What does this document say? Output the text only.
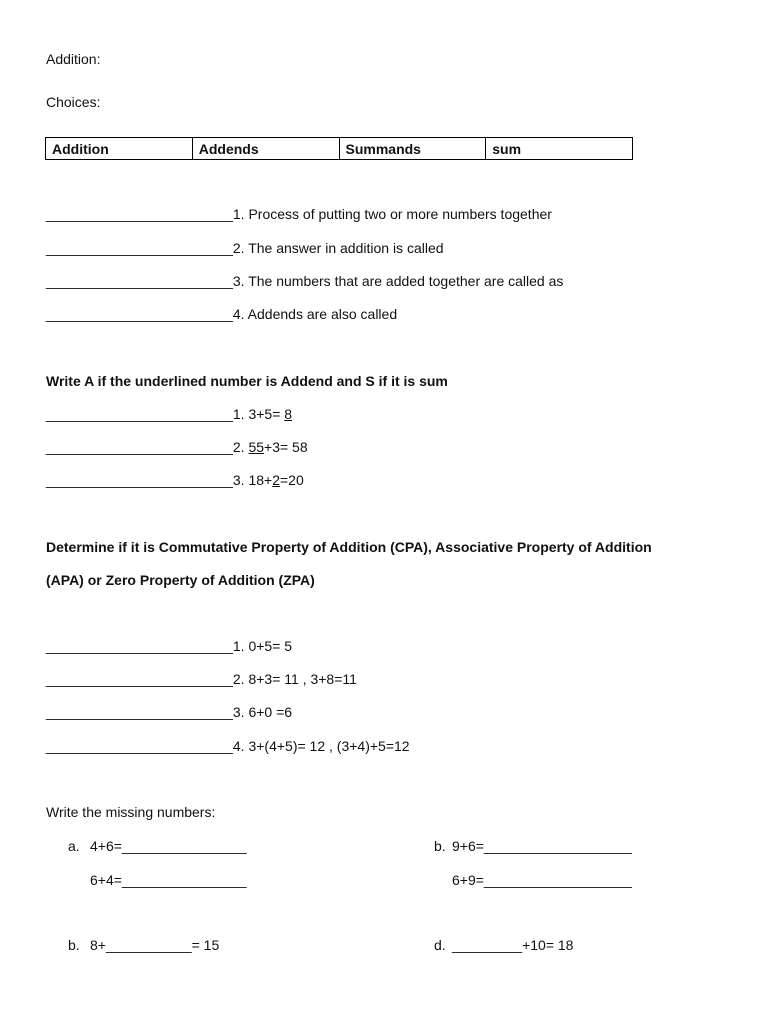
Addition:
Choices:
Addition	Addends	Summands	sum
________________________1. Process of putting two or more numbers together
________________________2. The answer in addition is called
________________________3. The numbers that are added together are called as
________________________4. Addends are also called
Write A if the underlined number is Addend and S if it is sum
________________________1. 3+5= 8
________________________2. 55+3= 58
________________________3. 18+2=20
Determine if it is Commutative Property of Addition (CPA), Associative Property of Addition
(APA) or Zero Property of Addition (ZPA)
________________________1. 0+5= 5
________________________2. 8+3= 11 , 3+8=11
________________________3. 6+0 =6
________________________4. 3+(4+5)= 12 , (3+4)+5=12
Write the missing numbers:
a. 4+6=________________
6+4=________________
b. 9+6=___________________
6+9=___________________
b. 8+___________= 15	d. _________+10= 18
